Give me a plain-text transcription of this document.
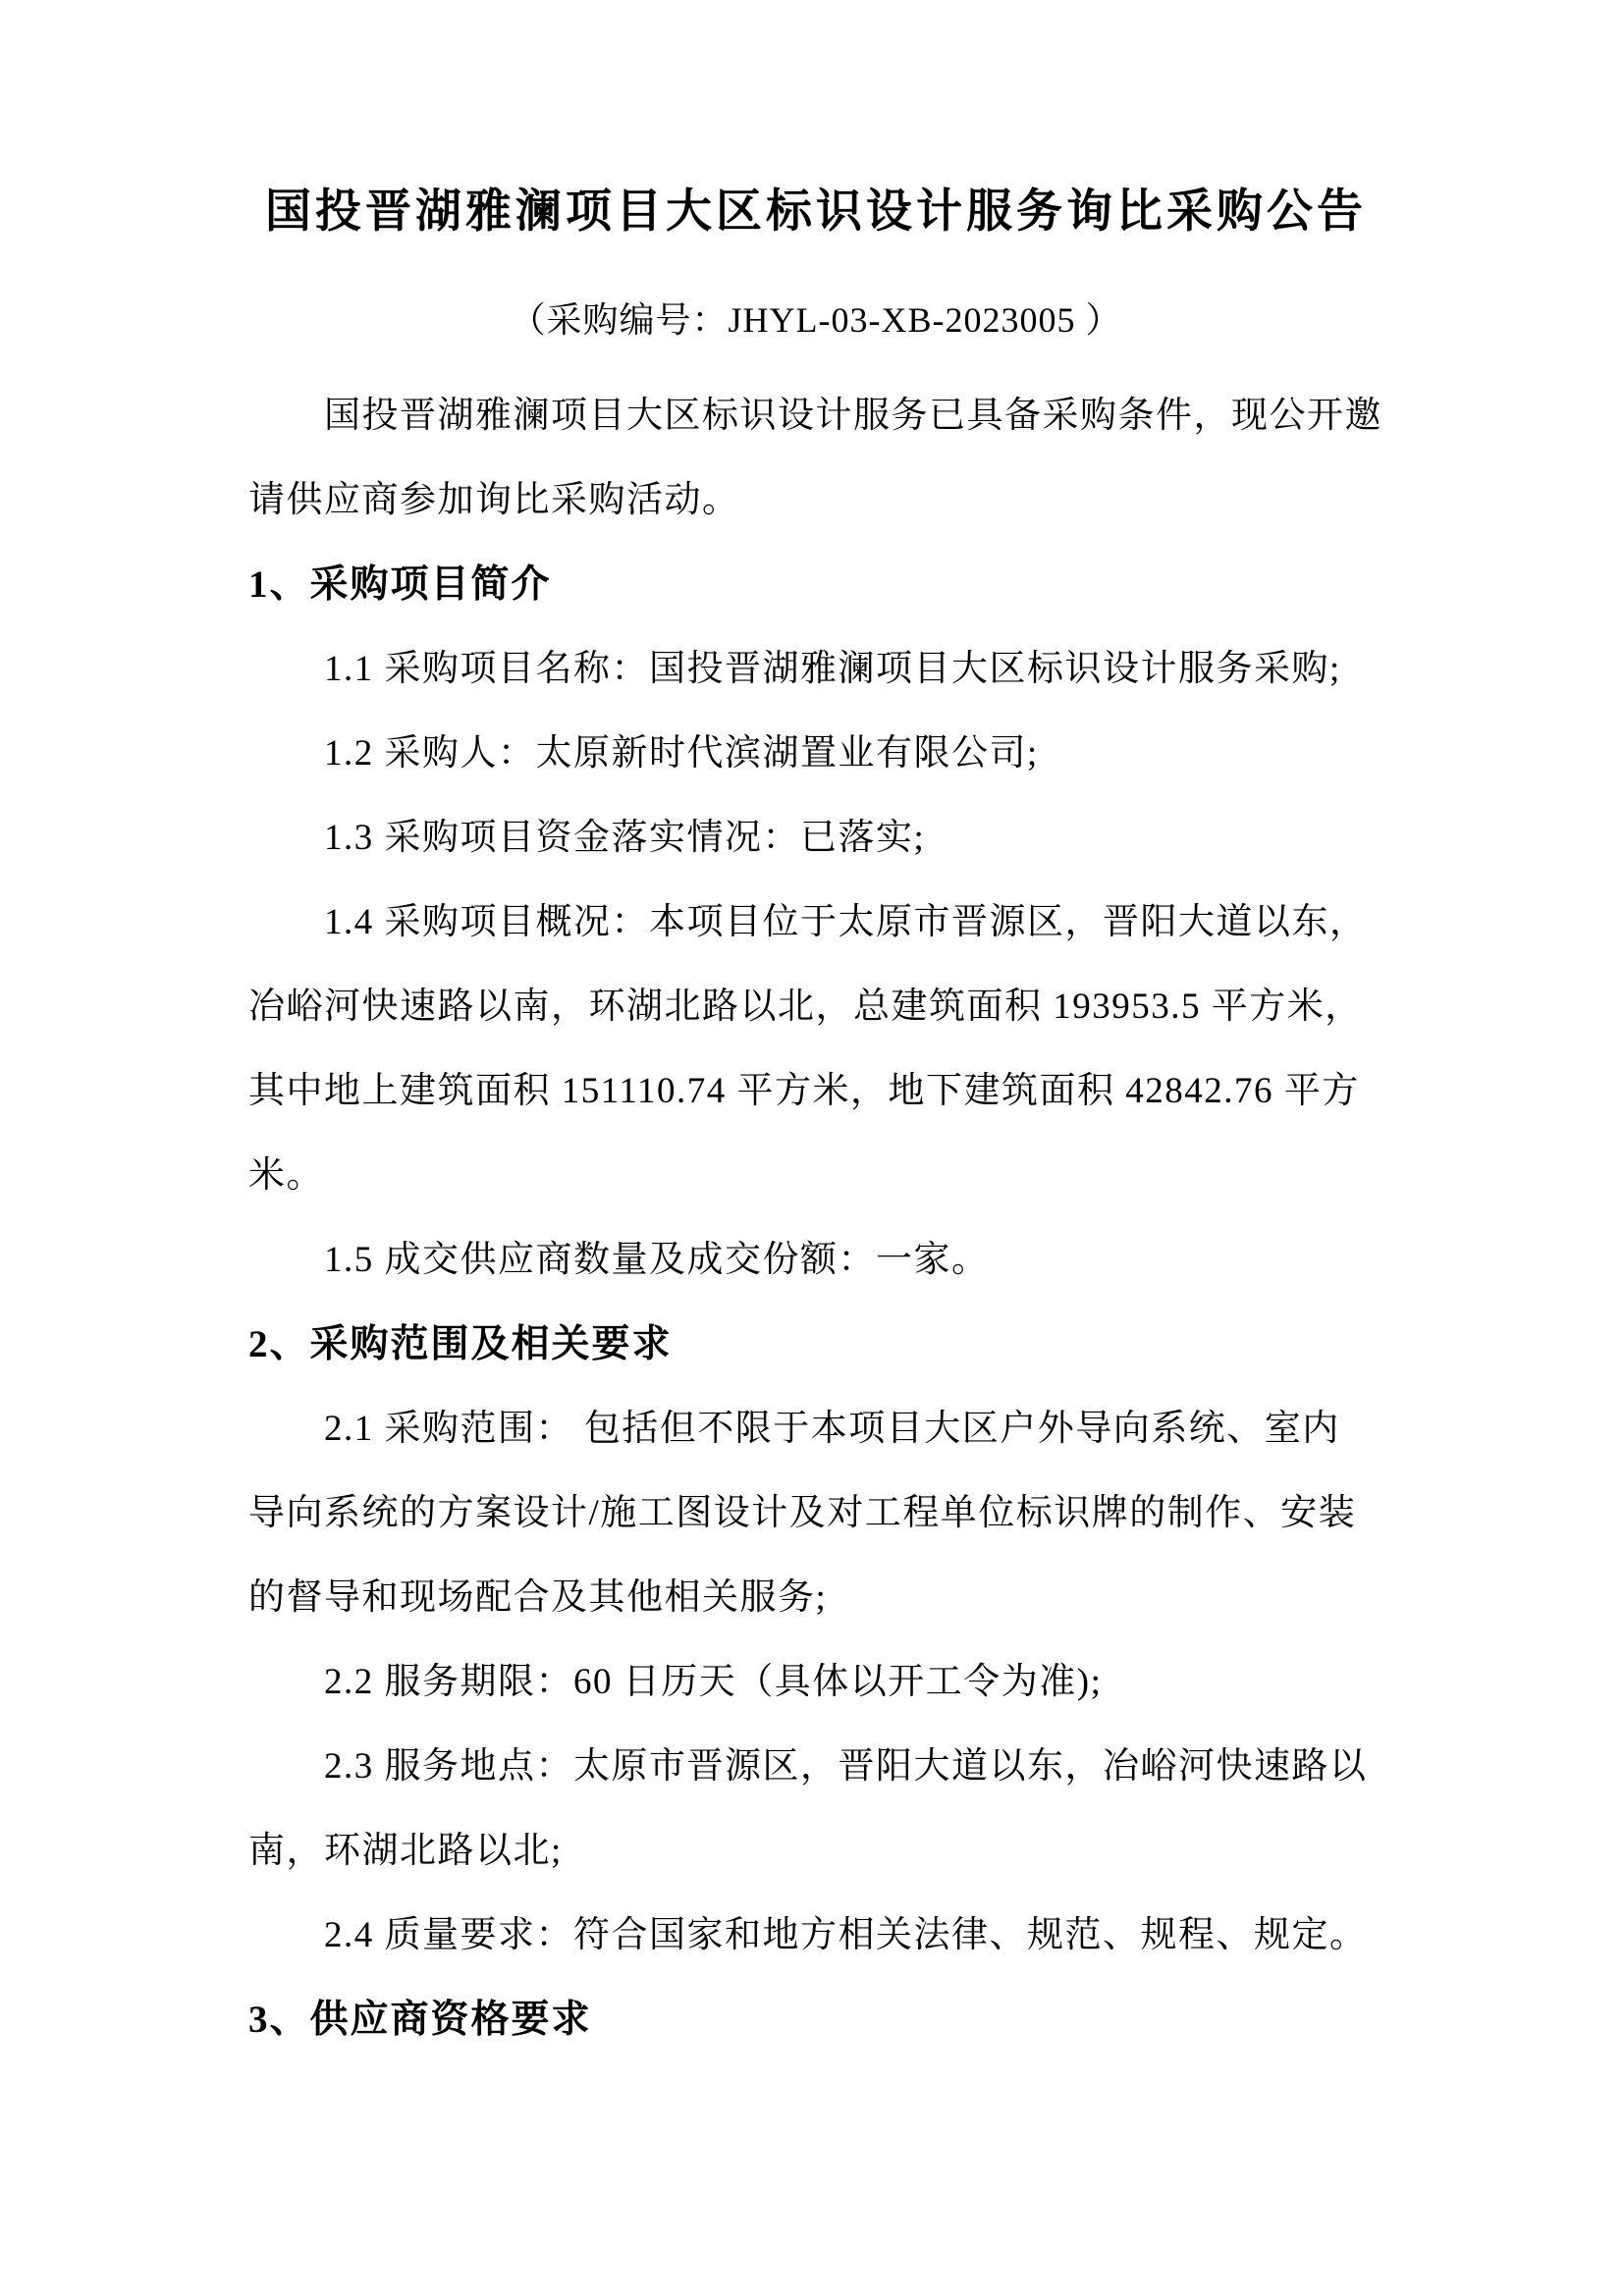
国投晋湖雅澜项目大区标识设计服务询比采购公告
（采购编号：JHYL-03-XB-2023005 ）
国投晋湖雅澜项目大区标识设计服务已具备采购条件，现公开邀
请供应商参加询比采购活动。
1、采购项目简介
1.1 采购项目名称：国投晋湖雅澜项目大区标识设计服务采购;
1.2 采购人：太原新时代滨湖置业有限公司;
1.3 采购项目资金落实情况：已落实;
1.4 采购项目概况：本项目位于太原市晋源区，晋阳大道以东，
冶峪河快速路以南，环湖北路以北，总建筑面积 193953.5 平方米，
其中地上建筑面积 151110.74 平方米，地下建筑面积 42842.76 平方
米。
1.5 成交供应商数量及成交份额：一家。
2、采购范围及相关要求
2.1 采购范围： 包括但不限于本项目大区户外导向系统、室内
导向系统的方案设计/施工图设计及对工程单位标识牌的制作、安装
的督导和现场配合及其他相关服务;
2.2 服务期限：60 日历天（具体以开工令为准);
2.3 服务地点：太原市晋源区，晋阳大道以东，冶峪河快速路以
南，环湖北路以北;
2.4 质量要求：符合国家和地方相关法律、规范、规程、规定。
3、供应商资格要求
